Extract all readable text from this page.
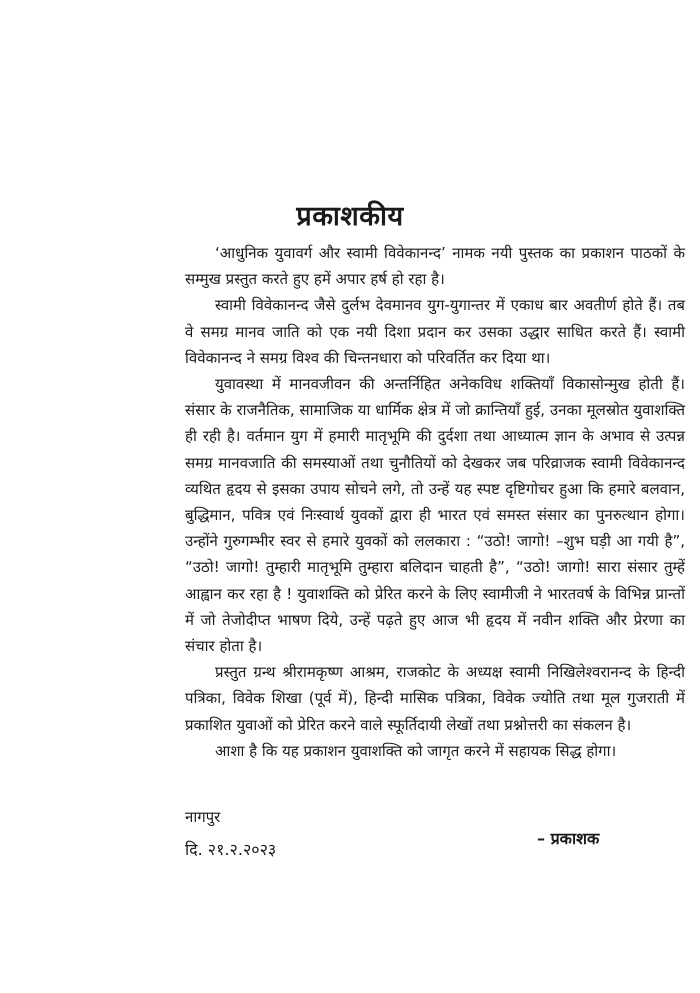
प्रकाशकीय

‘आधुनिक युवावर्ग और स्वामी विवेकानन्द’ नामक नयी पुस्तक का प्रकाशन पाठकों के सम्मुख प्रस्तुत करते हुए हमें अपार हर्ष हो रहा है।

स्वामी विवेकानन्द जैसे दुर्लभ देवमानव युग-युगान्तर में एकाध बार अवतीर्ण होते हैं। तब वे समग्र मानव जाति को एक नयी दिशा प्रदान कर उसका उद्धार साधित करते हैं। स्वामी विवेकानन्द ने समग्र विश्व की चिन्तनधारा को परिवर्तित कर दिया था।

युवावस्था में मानवजीवन की अन्तर्निहित अनेकविध शक्तियाँ विकासोन्मुख होती हैं। संसार के राजनैतिक, सामाजिक या धार्मिक क्षेत्र में जो क्रान्तियाँ हुई, उनका मूलस्रोत युवाशक्ति ही रही है। वर्तमान युग में हमारी मातृभूमि की दुर्दशा तथा आध्यात्म ज्ञान के अभाव से उत्पन्न समग्र मानवजाति की समस्याओं तथा चुनौतियों को देखकर जब परिव्राजक स्वामी विवेकानन्द व्यथित हृदय से इसका उपाय सोचने लगे, तो उन्हें यह स्पष्ट दृष्टिगोचर हुआ कि हमारे बलवान, बुद्धिमान, पवित्र एवं निःस्वार्थ युवकों द्वारा ही भारत एवं समस्त संसार का पुनरुत्थान होगा। उन्होंने गुरुगम्भीर स्वर से हमारे युवकों को ललकारा : “उठो! जागो! –शुभ घड़ी आ गयी है”, “उठो! जागो! तुम्हारी मातृभूमि तुम्हारा बलिदान चाहती है”, “उठो! जागो! सारा संसार तुम्हें आह्वान कर रहा है ! युवाशक्ति को प्रेरित करने के लिए स्वामीजी ने भारतवर्ष के विभिन्न प्रान्तों में जो तेजोदीप्त भाषण दिये, उन्हें पढ़ते हुए आज भी हृदय में नवीन शक्ति और प्रेरणा का संचार होता है।

प्रस्तुत ग्रन्थ श्रीरामकृष्ण आश्रम, राजकोट के अध्यक्ष स्वामी निखिलेश्वरानन्द के हिन्दी पत्रिका, विवेक शिखा (पूर्व में), हिन्दी मासिक पत्रिका, विवेक ज्योति तथा मूल गुजराती में प्रकाशित युवाओं को प्रेरित करने वाले स्फूर्तिदायी लेखों तथा प्रश्नोत्तरी का संकलन है।

आशा है कि यह प्रकाशन युवाशक्ति को जागृत करने में सहायक सिद्ध होगा।

नागपुर
दि. २१.२.२०२३
– प्रकाशक
